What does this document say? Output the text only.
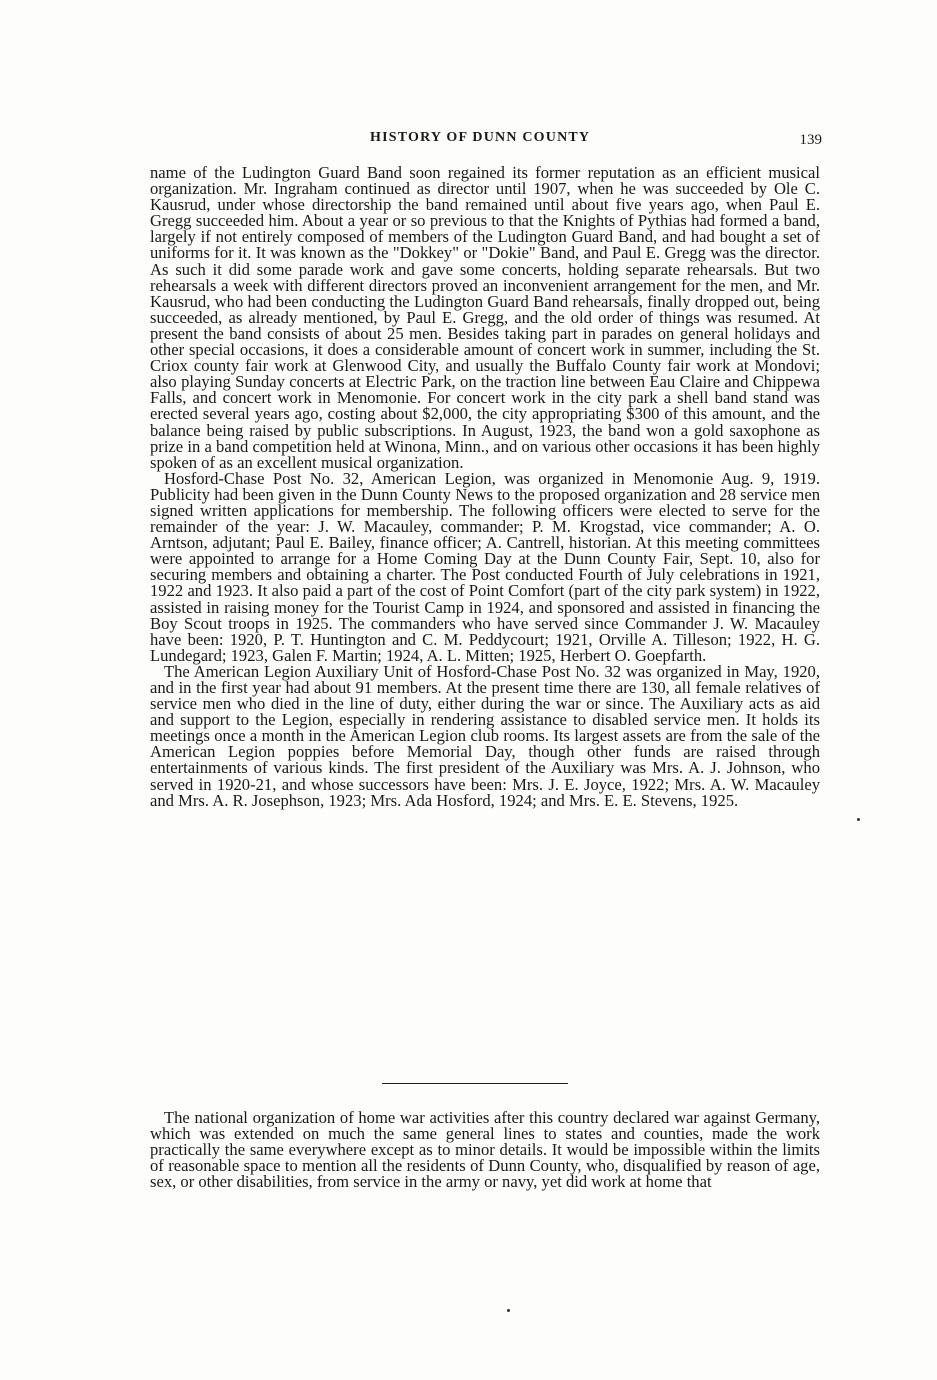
HISTORY OF DUNN COUNTY	139

name of the Ludington Guard Band soon regained its former reputation as an efficient musical organization. Mr. Ingraham continued as director until 1907, when he was succeeded by Ole C. Kausrud, under whose directorship the band remained until about five years ago, when Paul E. Gregg succeeded him. About a year or so previous to that the Knights of Pythias had formed a band, largely if not entirely composed of members of the Ludington Guard Band, and had bought a set of uniforms for it. It was known as the "Dokkey" or "Dokie" Band, and Paul E. Gregg was the director. As such it did some parade work and gave some concerts, holding separate rehearsals. But two rehearsals a week with different directors proved an inconvenient arrangement for the men, and Mr. Kausrud, who had been conducting the Ludington Guard Band rehearsals, finally dropped out, being succeeded, as already mentioned, by Paul E. Gregg, and the old order of things was resumed. At present the band consists of about 25 men. Besides taking part in parades on general holidays and other special occasions, it does a considerable amount of concert work in summer, including the St. Criox county fair work at Glenwood City, and usually the Buffalo County fair work at Mondovi; also playing Sunday concerts at Electric Park, on the traction line between Eau Claire and Chippewa Falls, and concert work in Menomonie. For concert work in the city park a shell band stand was erected several years ago, costing about $2,000, the city appropriating $300 of this amount, and the balance being raised by public subscriptions. In August, 1923, the band won a gold saxophone as prize in a band competition held at Winona, Minn., and on various other occasions it has been highly spoken of as an excellent musical organization.

Hosford-Chase Post No. 32, American Legion, was organized in Menomonie Aug. 9, 1919. Publicity had been given in the Dunn County News to the proposed organization and 28 service men signed written applications for membership. The following officers were elected to serve for the remainder of the year: J. W. Macauley, commander; P. M. Krogstad, vice commander; A. O. Arntson, adjutant; Paul E. Bailey, finance officer; A. Cantrell, historian. At this meeting committees were appointed to arrange for a Home Coming Day at the Dunn County Fair, Sept. 10, also for securing members and obtaining a charter. The Post conducted Fourth of July celebrations in 1921, 1922 and 1923. It also paid a part of the cost of Point Comfort (part of the city park system) in 1922, assisted in raising money for the Tourist Camp in 1924, and sponsored and assisted in financing the Boy Scout troops in 1925. The commanders who have served since Commander J. W. Macauley have been: 1920, P. T. Huntington and C. M. Peddycourt; 1921, Orville A. Tilleson; 1922, H. G. Lundegard; 1923, Galen F. Martin; 1924, A. L. Mitten; 1925, Herbert O. Goepfarth.

The American Legion Auxiliary Unit of Hosford-Chase Post No. 32 was organized in May, 1920, and in the first year had about 91 members. At the present time there are 130, all female relatives of service men who died in the line of duty, either during the war or since. The Auxiliary acts as aid and support to the Legion, especially in rendering assistance to disabled service men. It holds its meetings once a month in the American Legion club rooms. Its largest assets are from the sale of the American Legion poppies before Memorial Day, though other funds are raised through entertainments of various kinds. The first president of the Auxiliary was Mrs. A. J. Johnson, who served in 1920-21, and whose successors have been: Mrs. J. E. Joyce, 1922; Mrs. A. W. Macauley and Mrs. A. R. Josephson, 1923; Mrs. Ada Hosford, 1924; and Mrs. E. E. Stevens, 1925.

The national organization of home war activities after this country declared war against Germany, which was extended on much the same general lines to states and counties, made the work practically the same everywhere except as to minor details. It would be impossible within the limits of reasonable space to mention all the residents of Dunn County, who, disqualified by reason of age, sex, or other disabilities, from service in the army or navy, yet did work at home that
